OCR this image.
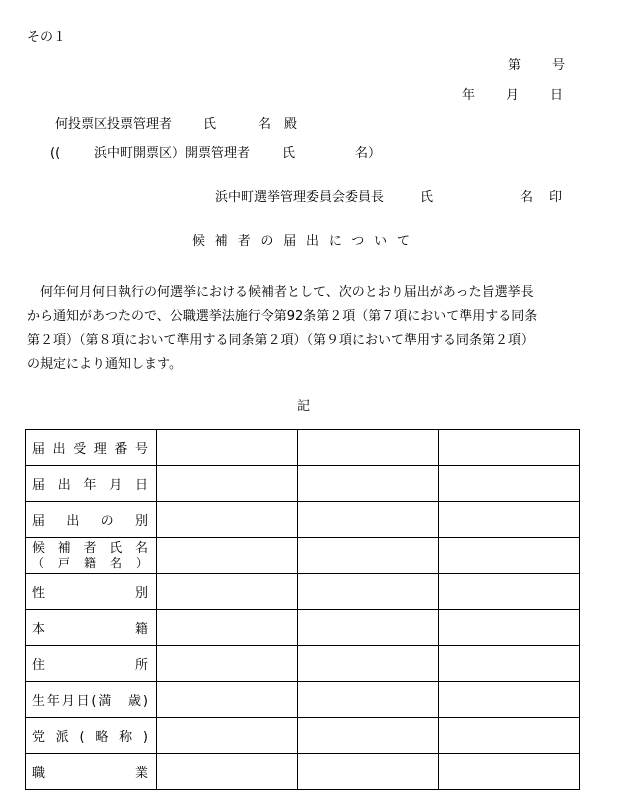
その１
第 号
年 月 日
何投票区投票管理者 氏	名　殿
((	浜中町開票区）開票管理者 氏	名）
浜中町選挙管理委員会委員長	氏	名 印
候補者の届出について
何年何月何日執行の何選挙における候補者として、次のとおり届出があった旨選挙長
から通知があつたので、公職選挙法施行令第92条第２項（第７項において準用する同条
第２項）（第８項において準用する同条第２項）（第９項において準用する同条第２項）
の規定により通知します。
記
届出受理番号			
届出年月日			
届出の別			
候補者氏名
（戸籍名）			

性別			
本籍			
住所			
生年月日(満　歳)			
党派(略称)			
職業			
